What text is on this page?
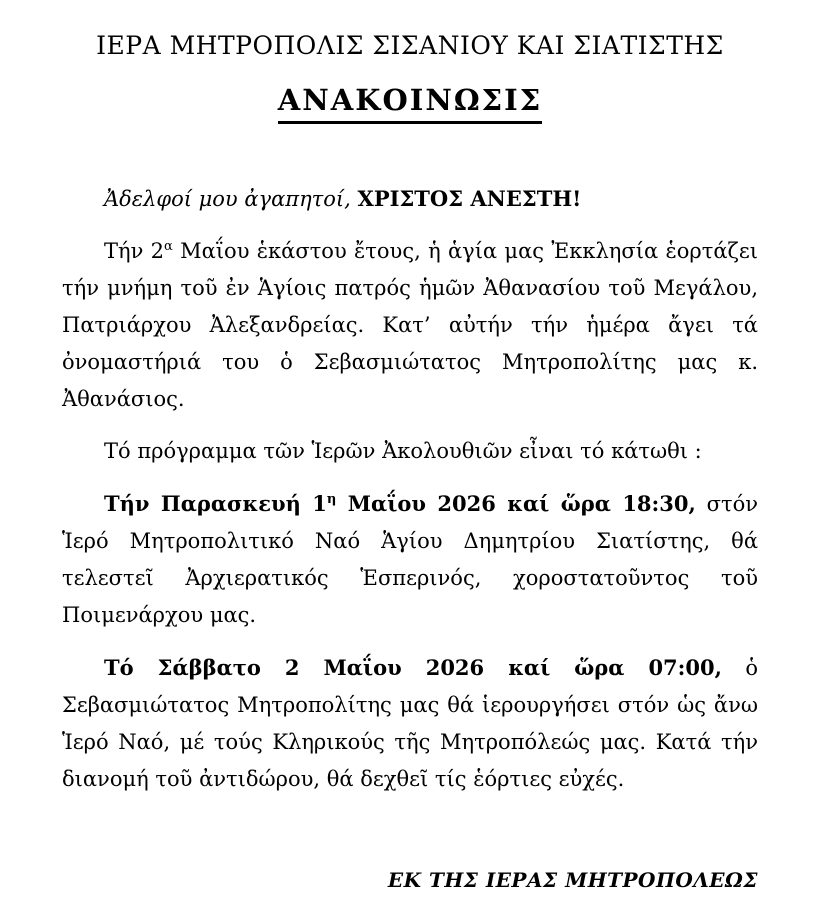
ΙΕΡΑ ΜΗΤΡΟΠΟΛΙΣ ΣΙΣΑΝΙΟΥ ΚΑΙ ΣΙΑΤΙΣΤΗΣ
ΑΝΑΚΟΙΝΩΣΙΣ

Ἀδελφοί μου ἀγαπητοί, ΧΡΙΣΤΟΣ ΑΝΕΣΤΗ!

Τήν $2^\alpha$ Μαΐου ἑκάστου ἔτους, ἡ ἁγία μας Ἐκκλησία ἑορτάζει τήν μνήμη τοῦ ἐν Ἁγίοις πατρός ἡμῶν Ἀθανασίου τοῦ Μεγάλου, Πατριάρχου Ἀλεξανδρείας. Κατ’ αὐτήν τήν ἡμέρα ἄγει τά ὀνομαστήριά του ὁ Σεβασμιώτατος Μητροπολίτης μας κ. Ἀθανάσιος.

Τό πρόγραμμα τῶν Ἱερῶν Ἀκολουθιῶν εἶναι τό κάτωθι :

Τήν Παρασκευή $1^\eta$ Μαΐου 2026 καί ὥρα 18:30, στόν Ἱερό Μητροπολιτικό Ναό Ἁγίου Δημητρίου Σιατίστης, θά τελεστεῖ Ἀρχιερατικός Ἑσπερινός, χοροστατοῦντος τοῦ Ποιμενάρχου μας.

Τό Σάββατο 2 Μαΐου 2026 καί ὥρα 07:00, ὁ Σεβασμιώτατος Μητροπολίτης μας θά ἱερουργήσει στόν ὡς ἄνω Ἱερό Ναό, μέ τούς Κληρικούς τῆς Μητροπόλεώς μας. Κατά τήν διανομή τοῦ ἀντιδώρου, θά δεχθεῖ τίς ἑόρτιες εὐχές.

ΕΚ ΤΗΣ ΙΕΡΑΣ ΜΗΤΡΟΠΟΛΕΩΣ
